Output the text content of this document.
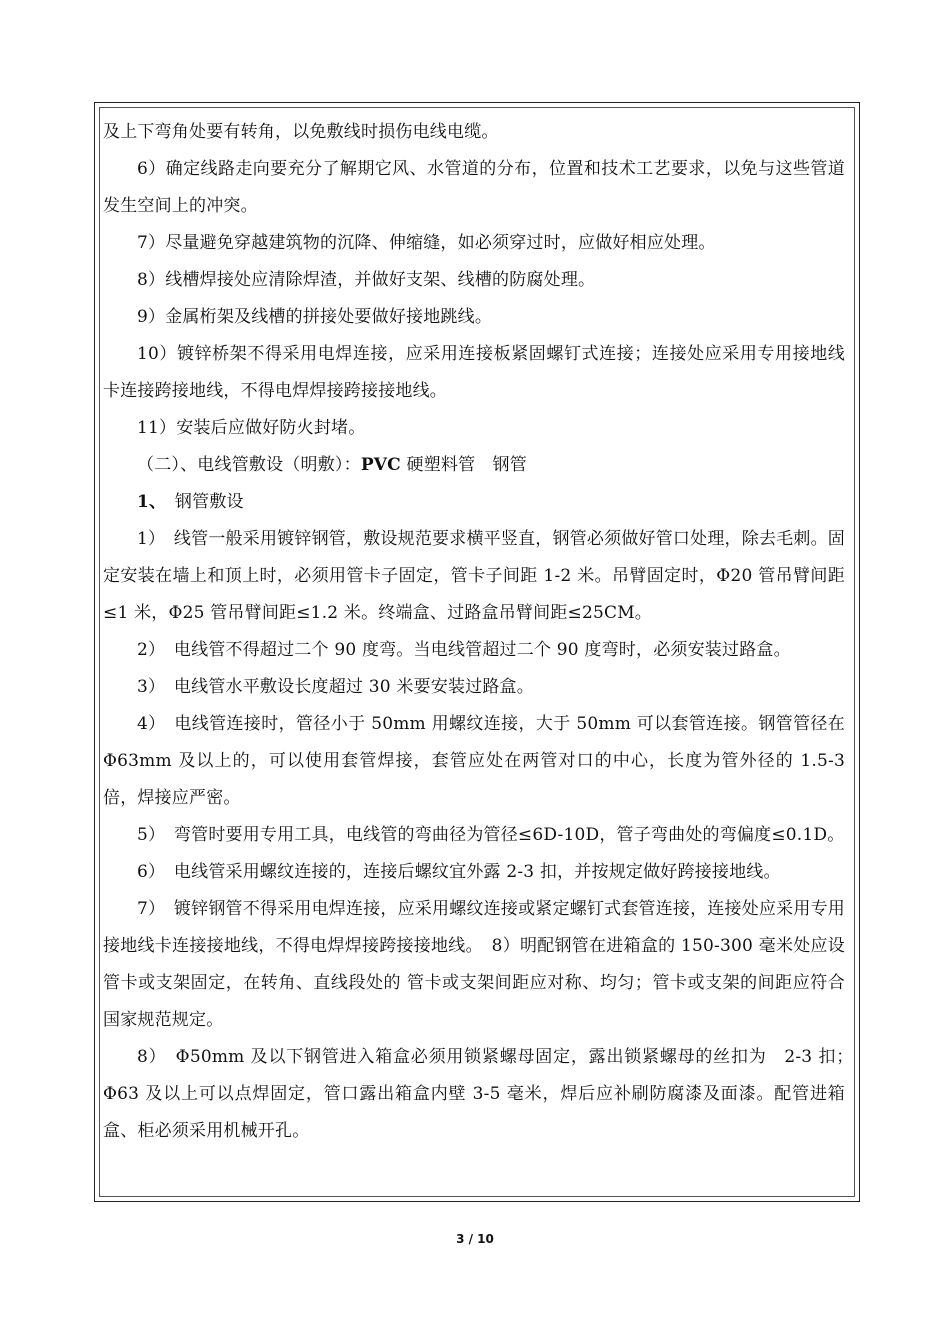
及上下弯角处要有转角，以免敷线时损伤电线电缆。

6）确定线路走向要充分了解期它风、水管道的分布，位置和技术工艺要求，以免与这些管道发生空间上的冲突。

7）尽量避免穿越建筑物的沉降、伸缩缝，如必须穿过时，应做好相应处理。

8）线槽焊接处应清除焊渣，并做好支架、线槽的防腐处理。

9）金属桁架及线槽的拼接处要做好接地跳线。

10）镀锌桥架不得采用电焊连接，应采用连接板紧固螺钉式连接；连接处应采用专用接地线卡连接跨接地线，不得电焊焊接跨接接地线。

11）安装后应做好防火封堵。

（二）、电线管敷设（明敷）：PVC 硬塑料管　钢管

1、　钢管敷设

1）　线管一般采用镀锌钢管，敷设规范要求横平竖直，钢管必须做好管口处理，除去毛刺。固定安装在墙上和顶上时，必须用管卡子固定，管卡子间距 1-2 米。吊臂固定时，Φ20 管吊臂间距≤1 米，Φ25 管吊臂间距≤1.2 米。终端盒、过路盒吊臂间距≤25CM。

2）　电线管不得超过二个 90 度弯。当电线管超过二个 90 度弯时，必须安装过路盒。

3）　电线管水平敷设长度超过 30 米要安装过路盒。

4）　电线管连接时，管径小于 50mm 用螺纹连接，大于 50mm 可以套管连接。钢管管径在Φ63mm 及以上的，可以使用套管焊接，套管应处在两管对口的中心，长度为管外径的 1.5-3 倍，焊接应严密。

5）　弯管时要用专用工具，电线管的弯曲径为管径≤6D-10D，管子弯曲处的弯偏度≤0.1D。

6）　电线管采用螺纹连接的，连接后螺纹宜外露 2-3 扣，并按规定做好跨接接地线。

7）　镀锌钢管不得采用电焊连接，应采用螺纹连接或紧定螺钉式套管连接，连接处应采用专用接地线卡连接接地线，不得电焊焊接跨接接地线。　8）明配钢管在进箱盒的 150-300 毫米处应设管卡或支架固定，在转角、直线段处的 管卡或支架间距应对称、均匀；管卡或支架的间距应符合国家规范规定。

8）　Φ50mm 及以下钢管进入箱盒必须用锁紧螺母固定，露出锁紧螺母的丝扣为　2-3 扣；　Φ63 及以上可以点焊固定，管口露出箱盒内壁 3-5 毫米，焊后应补刷防腐漆及面漆。配管进箱盒、柜必须采用机械开孔。

3 / 10
